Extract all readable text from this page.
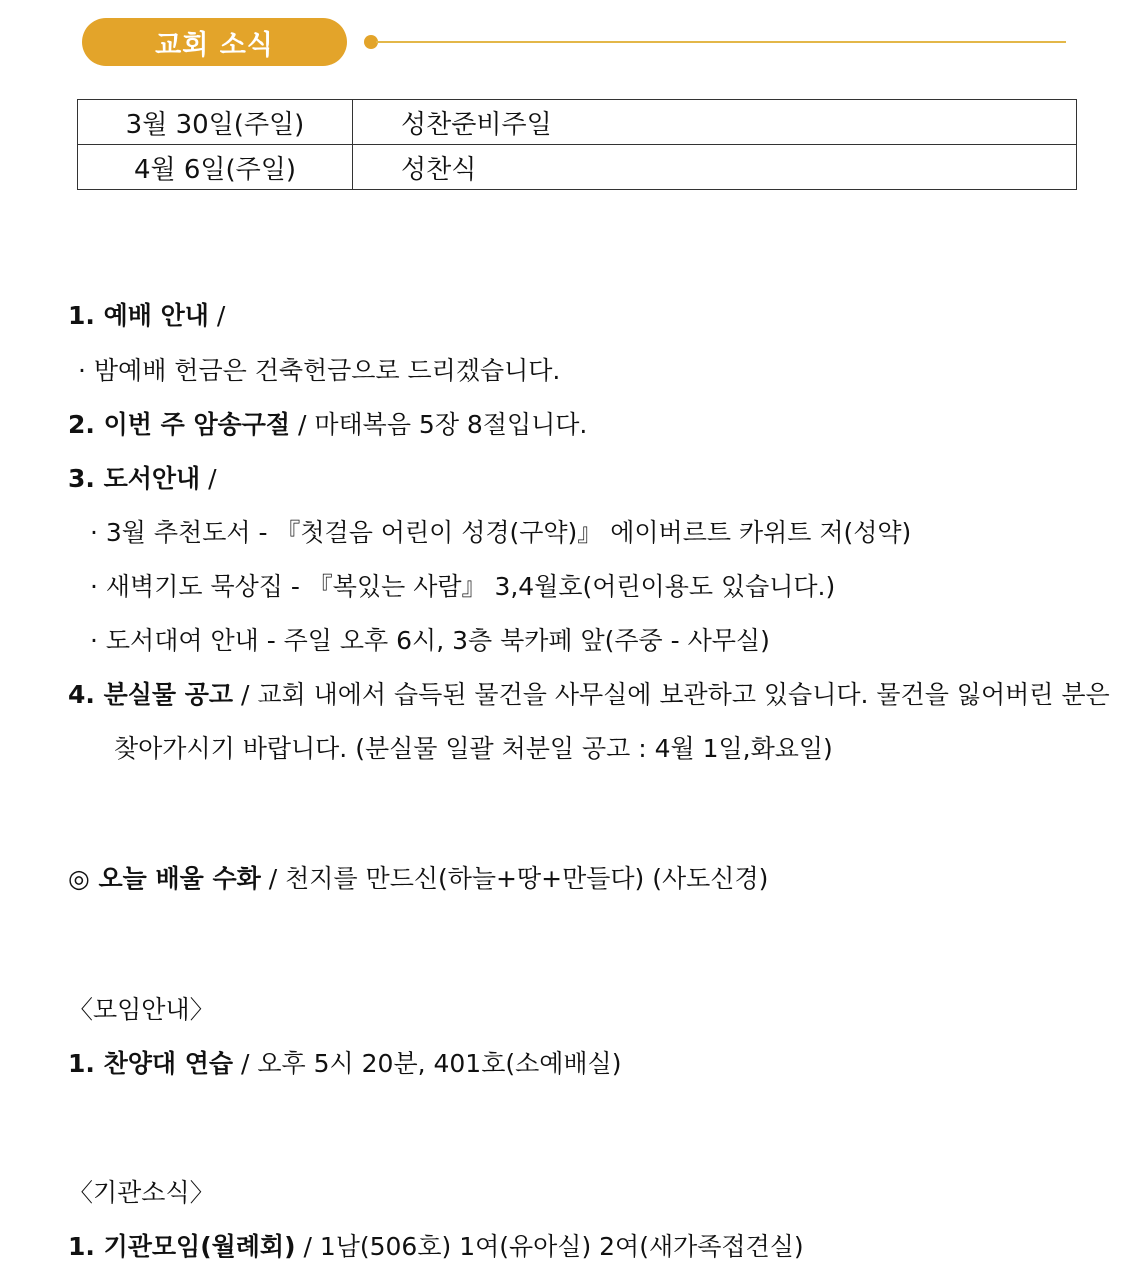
교회 소식
3월 30일(주일)	성찬준비주일
4월 6일(주일)	성찬식
1. 예배 안내 /
· 밤예배 헌금은 건축헌금으로 드리겠습니다.
2. 이번 주 암송구절 / 마태복음 5장 8절입니다.
3. 도서안내 /
· 3월 추천도서 - 『첫걸음 어린이 성경(구약)』 에이버르트 카위트 저(성약)
· 새벽기도 묵상집 - 『복있는 사람』 3,4월호(어린이용도 있습니다.)
· 도서대여 안내 - 주일 오후 6시, 3층 북카페 앞(주중 - 사무실)
4. 분실물 공고 / 교회 내에서 습득된 물건을 사무실에 보관하고 있습니다. 물건을 잃어버린 분은
찾아가시기 바랍니다. (분실물 일괄 처분일 공고 : 4월 1일,화요일)
◎ 오늘 배울 수화 / 천지를 만드신(하늘+땅+만들다) (사도신경)
〈모임안내〉
1. 찬양대 연습 / 오후 5시 20분, 401호(소예배실)
〈기관소식〉
1. 기관모임(월례회) / 1남(506호) 1여(유아실) 2여(새가족접견실)
